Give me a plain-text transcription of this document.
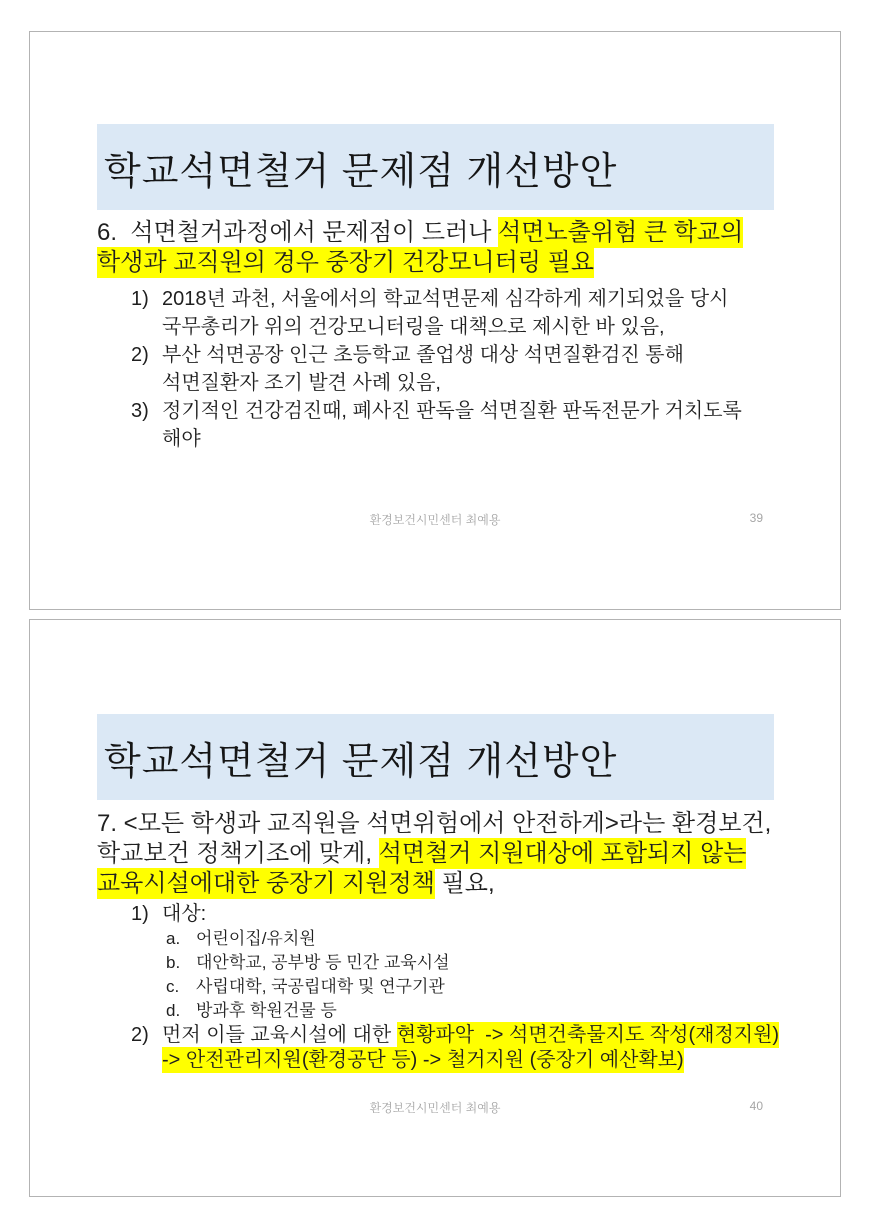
학교석면철거 문제점 개선방안
6.  석면철거과정에서 문제점이 드러나 석면노출위험 큰 학교의
학생과 교직원의 경우 중장기 건강모니터링 필요
1) 2018년 과천, 서울에서의 학교석면문제 심각하게 제기되었을 당시
국무총리가 위의 건강모니터링을 대책으로 제시한 바 있음,
2) 부산 석면공장 인근 초등학교 졸업생 대상 석면질환검진 통해
석면질환자 조기 발견 사례 있음,
3) 정기적인 건강검진때, 폐사진 판독을 석면질환 판독전문가 거치도록
해야
환경보건시민센터 최예용	39
학교석면철거 문제점 개선방안
7. <모든 학생과 교직원을 석면위험에서 안전하게>라는 환경보건,
학교보건 정책기조에 맞게, 석면철거 지원대상에 포함되지 않는
교육시설에대한 중장기 지원정책 필요,
1) 대상:
a. 어린이집/유치원
b. 대안학교, 공부방 등 민간 교육시설
c. 사립대학, 국공립대학 및 연구기관
d. 방과후 학원건물 등
2) 먼저 이들 교육시설에 대한 현황파악  -> 석면건축물지도 작성(재정지원)
-> 안전관리지원(환경공단 등) -> 철거지원 (중장기 예산확보)
환경보건시민센터 최예용	40
